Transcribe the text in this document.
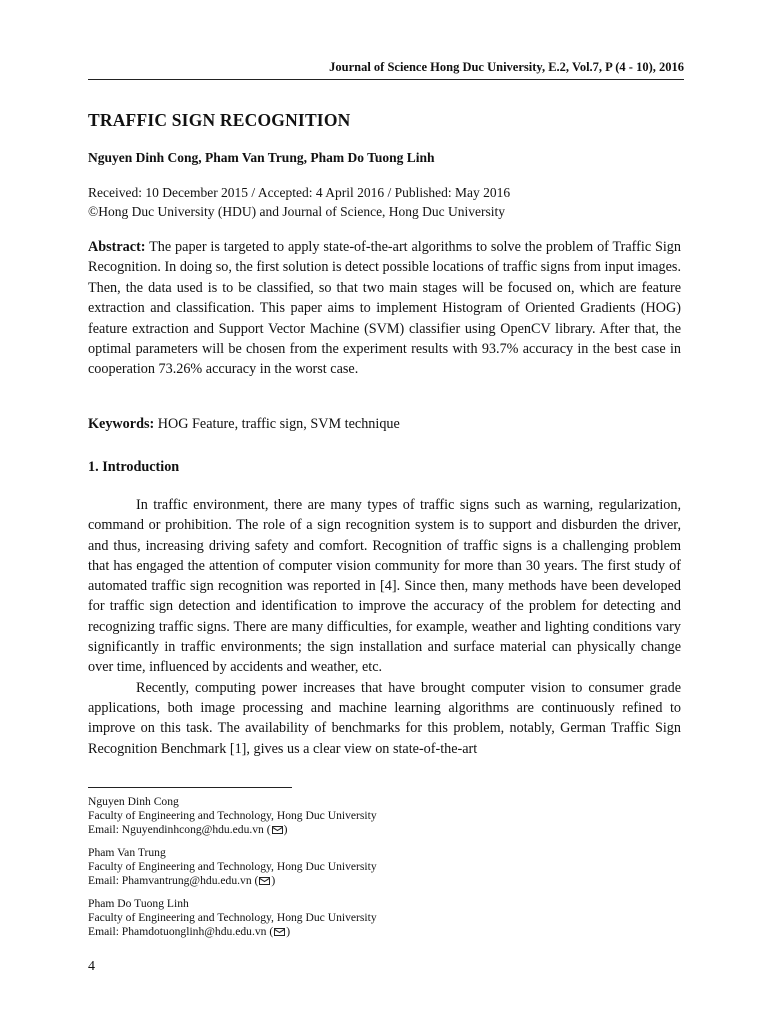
Journal of Science Hong Duc University, E.2, Vol.7, P (4 - 10), 2016
TRAFFIC SIGN RECOGNITION
Nguyen Dinh Cong, Pham Van Trung, Pham Do Tuong Linh
Received: 10 December 2015 / Accepted: 4 April 2016 / Published: May 2016
©Hong Duc University (HDU) and Journal of Science, Hong Duc University

Abstract: The paper is targeted to apply state-of-the-art algorithms to solve the problem of Traffic Sign Recognition. In doing so, the first solution is detect possible locations of traffic signs from input images. Then, the data used is to be classified, so that two main stages will be focused on, which are feature extraction and classification. This paper aims to implement Histogram of Oriented Gradients (HOG) feature extraction and Support Vector Machine (SVM) classifier using OpenCV library. After that, the optimal parameters will be chosen from the experiment results with 93.7% accuracy in the best case in cooperation 73.26% accuracy in the worst case.

Keywords: HOG Feature, traffic sign, SVM technique

1. Introduction

In traffic environment, there are many types of traffic signs such as warning, regularization, command or prohibition. The role of a sign recognition system is to support and disburden the driver, and thus, increasing driving safety and comfort. Recognition of traffic signs is a challenging problem that has engaged the attention of computer vision community for more than 30 years. The first study of automated traffic sign recognition was reported in [4]. Since then, many methods have been developed for traffic sign detection and identification to improve the accuracy of the problem for detecting and recognizing traffic signs. There are many difficulties, for example, weather and lighting conditions vary significantly in traffic environments; the sign installation and surface material can physically change over time, influenced by accidents and weather, etc.

Recently, computing power increases that have brought computer vision to consumer grade applications, both image processing and machine learning algorithms are continuously refined to improve on this task. The availability of benchmarks for this problem, notably, German Traffic Sign Recognition Benchmark [1], gives us a clear view on state-of-the-art

Nguyen Dinh Cong
Faculty of Engineering and Technology, Hong Duc University
Email: Nguyendinhcong@hdu.edu.vn ( )
Pham Van Trung
Faculty of Engineering and Technology, Hong Duc University
Email: Phamvantrung@hdu.edu.vn ( )
Pham Do Tuong Linh
Faculty of Engineering and Technology, Hong Duc University
Email: Phamdotuonglinh@hdu.edu.vn ( )
4
